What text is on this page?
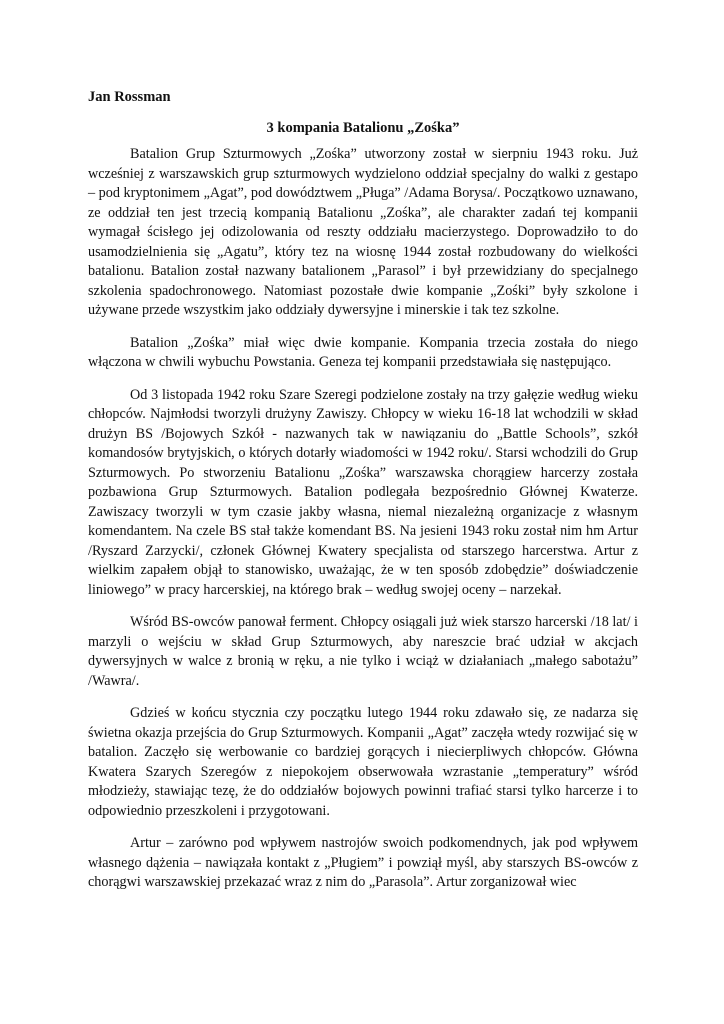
Jan Rossman
3 kompania Batalionu „Zośka”

Batalion Grup Szturmowych „Zośka” utworzony został w sierpniu 1943 roku. Już wcześniej z warszawskich grup szturmowych wydzielono oddział specjalny do walki z gestapo – pod kryptonimem „Agat”, pod dowództwem „Pługa” /Adama Borysa/. Początkowo uznawano, ze oddział ten jest trzecią kompanią Batalionu „Zośka”, ale charakter zadań tej kompanii wymagał ścisłego jej odizolowania od reszty oddziału macierzystego. Doprowadziło to do usamodzielnienia się „Agatu”, który tez na wiosnę 1944 został rozbudowany do wielkości batalionu. Batalion został nazwany batalionem „Parasol” i był przewidziany do specjalnego szkolenia spadochronowego. Natomiast pozostałe dwie kompanie „Zośki” były szkolone i używane przede wszystkim jako oddziały dywersyjne i minerskie i tak tez szkolne.

Batalion „Zośka” miał więc dwie kompanie. Kompania trzecia została do niego włączona w chwili wybuchu Powstania. Geneza tej kompanii przedstawiała się następująco.

Od 3 listopada 1942 roku Szare Szeregi podzielone zostały na trzy gałęzie według wieku chłopców. Najmłodsi tworzyli drużyny Zawiszy. Chłopcy w wieku 16-18 lat wchodzili w skład drużyn BS /Bojowych Szkół - nazwanych tak w nawiązaniu do „Battle Schools”, szkół komandosów brytyjskich, o których dotarły wiadomości w 1942 roku/. Starsi wchodzili do Grup Szturmowych. Po stworzeniu Batalionu „Zośka” warszawska chorągiew harcerzy została pozbawiona Grup Szturmowych. Batalion podlegała bezpośrednio Głównej Kwaterze. Zawiszacy tworzyli w tym czasie jakby własna, niemal niezależną organizacje z własnym komendantem. Na czele BS stał także komendant BS. Na jesieni 1943 roku został nim hm Artur /Ryszard Zarzycki/, członek Głównej Kwatery specjalista od starszego harcerstwa. Artur z wielkim zapałem objął to stanowisko, uważając, że w ten sposób zdobędzie” doświadczenie liniowego” w pracy harcerskiej, na którego brak – według swojej oceny – narzekał.

Wśród BS-owców panował ferment. Chłopcy osiągali już wiek starszo harcerski /18 lat/ i marzyli o wejściu w skład Grup Szturmowych, aby nareszcie brać udział w akcjach dywersyjnych w walce z bronią w ręku, a nie tylko i wciąż w działaniach „małego sabotażu” /Wawra/.

Gdzieś w końcu stycznia czy początku lutego 1944 roku zdawało się, ze nadarza się świetna okazja przejścia do Grup Szturmowych. Kompanii „Agat” zaczęła wtedy rozwijać się w batalion. Zaczęło się werbowanie co bardziej gorących i niecierpliwych chłopców. Główna Kwatera Szarych Szeregów z niepokojem obserwowała wzrastanie „temperatury” wśród młodzieży, stawiając tezę, że do oddziałów bojowych powinni trafiać starsi tylko harcerze i to odpowiednio przeszkoleni i przygotowani.

Artur – zarówno pod wpływem nastrojów swoich podkomendnych, jak pod wpływem własnego dążenia – nawiązała kontakt z „Pługiem” i powziął myśl, aby starszych BS-owców z chorągwi warszawskiej przekazać wraz z nim do „Parasola”. Artur zorganizował wiec
